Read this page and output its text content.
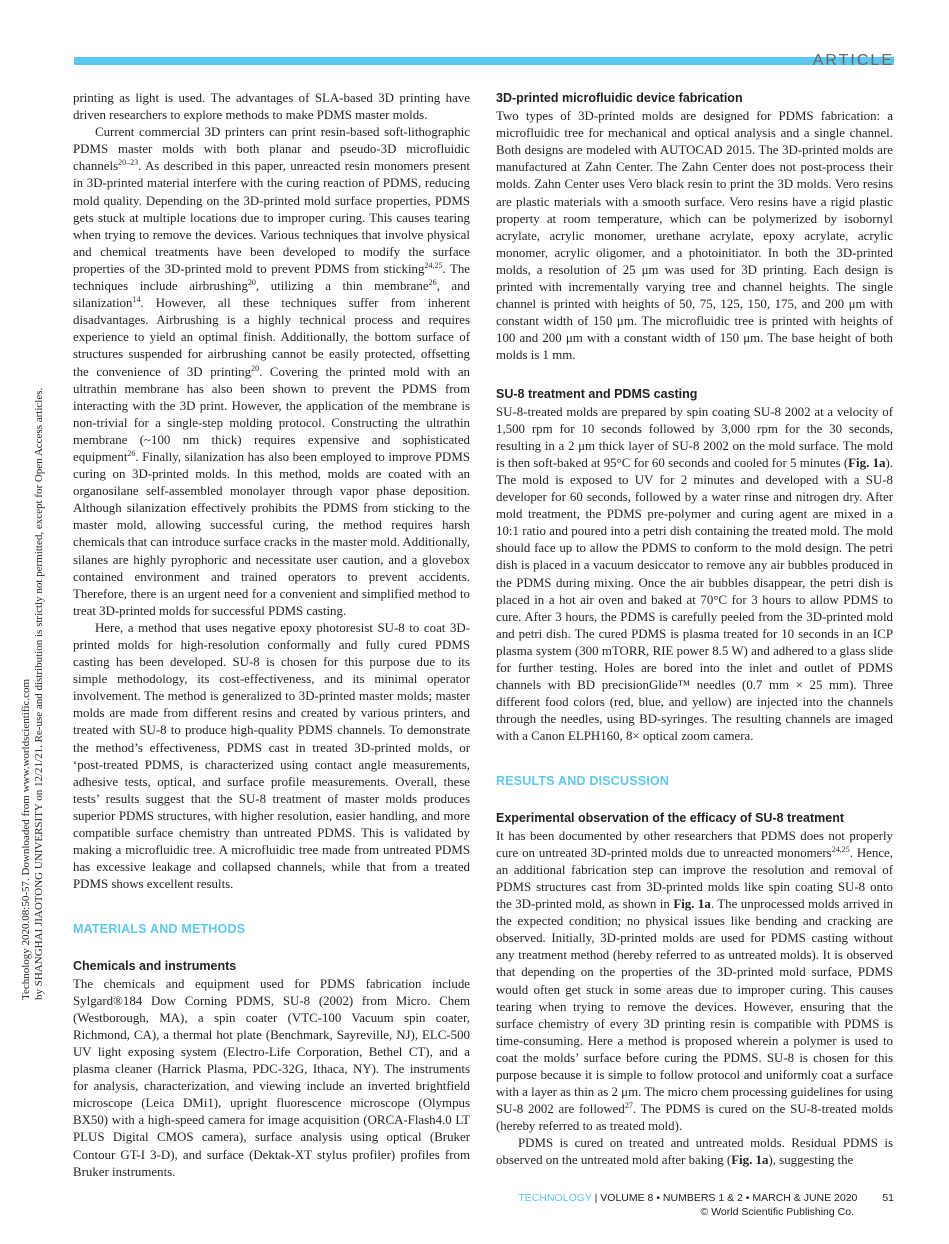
ARTICLE
Technology 2020.08:50-57. Downloaded from www.worldscientific.com by SHANGHAI JIAOTONG UNIVERSITY on 12/21/21. Re-use and distribution is strictly not permitted, except for Open Access articles.

printing as light is used. The advantages of SLA-based 3D printing have driven researchers to explore methods to make PDMS master molds.

Current commercial 3D printers can print resin-based soft-lithographic PDMS master molds with both planar and pseudo-3D microfluidic channels$^{20-23}$. As described in this paper, unreacted resin monomers present in 3D-printed material interfere with the curing reaction of PDMS, reducing mold quality. Depending on the 3D-printed mold surface properties, PDMS gets stuck at multiple locations due to improper curing. This causes tearing when trying to remove the devices. Various techniques that involve physical and chemical treatments have been developed to modify the surface properties of the 3D-printed mold to prevent PDMS from sticking$^{24,25}$. The techniques include airbrushing$^{20}$, utilizing a thin membrane$^{26}$, and silanization$^{14}$. However, all these techniques suffer from inherent disadvantages. Airbrushing is a highly technical process and requires experience to yield an optimal finish. Additionally, the bottom surface of structures suspended for airbrushing cannot be easily protected, offsetting the convenience of 3D printing$^{20}$. Covering the printed mold with an ultrathin membrane has also been shown to prevent the PDMS from interacting with the 3D print. However, the application of the membrane is non-trivial for a single-step molding protocol. Constructing the ultrathin membrane (~100 nm thick) requires expensive and sophisticated equipment$^{26}$. Finally, silanization has also been employed to improve PDMS curing on 3D-printed molds. In this method, molds are coated with an organosilane self-assembled monolayer through vapor phase deposition. Although silanization effectively prohibits the PDMS from sticking to the master mold, allowing successful curing, the method requires harsh chemicals that can introduce surface cracks in the master mold. Additionally, silanes are highly pyrophoric and necessitate user caution, and a glovebox contained environment and trained operators to prevent accidents. Therefore, there is an urgent need for a convenient and simplified method to treat 3D-printed molds for successful PDMS casting.

Here, a method that uses negative epoxy photoresist SU-8 to coat 3D-printed molds for high-resolution conformally and fully cured PDMS casting has been developed. SU-8 is chosen for this purpose due to its simple methodology, its cost-effectiveness, and its minimal operator involvement. The method is generalized to 3D-printed master molds; master molds are made from different resins and created by various printers, and treated with SU-8 to produce high-quality PDMS channels. To demonstrate the method’s effectiveness, PDMS cast in treated 3D-printed molds, or ‘post-treated PDMS, is characterized using contact angle measurements, adhesive tests, optical, and surface profile measurements. Overall, these tests’ results suggest that the SU-8 treatment of master molds produces superior PDMS structures, with higher resolution, easier handling, and more compatible surface chemistry than untreated PDMS. This is validated by making a microfluidic tree. A microfluidic tree made from untreated PDMS has excessive leakage and collapsed channels, while that from a treated PDMS shows excellent results.

MATERIALS AND METHODS
Chemicals and instruments

The chemicals and equipment used for PDMS fabrication include Sylgard®184 Dow Corning PDMS, SU-8 (2002) from Micro. Chem (Westborough, MA), a spin coater (VTC-100 Vacuum spin coater, Richmond, CA), a thermal hot plate (Benchmark, Sayreville, NJ), ELC-500 UV light exposing system (Electro-Life Corporation, Bethel CT), and a plasma cleaner (Harrick Plasma, PDC-32G, Ithaca, NY). The instruments for analysis, characterization, and viewing include an inverted brightfield microscope (Leica DMi1), upright fluorescence microscope (Olympus BX50) with a high-speed camera for image acquisition (ORCA-Flash4.0 LT PLUS Digital CMOS camera), surface analysis using optical (Bruker Contour GT-I 3-D), and surface (Dektak-XT stylus profiler) profiles from Bruker instruments.

3D-printed microfluidic device fabrication

Two types of 3D-printed molds are designed for PDMS fabrication: a microfluidic tree for mechanical and optical analysis and a single channel. Both designs are modeled with AUTOCAD 2015. The 3D-printed molds are manufactured at Zahn Center. The Zahn Center does not post-process their molds. Zahn Center uses Vero black resin to print the 3D molds. Vero resins are plastic materials with a smooth surface. Vero resins have a rigid plastic property at room temperature, which can be polymerized by isobornyl acrylate, acrylic monomer, urethane acrylate, epoxy acrylate, acrylic monomer, acrylic oligomer, and a photoinitiator. In both the 3D-printed molds, a resolution of 25 μm was used for 3D printing. Each design is printed with incrementally varying tree and channel heights. The single channel is printed with heights of 50, 75, 125, 150, 175, and 200 μm with constant width of 150 μm. The microfluidic tree is printed with heights of 100 and 200 μm with a constant width of 150 μm. The base height of both molds is 1 mm.

SU-8 treatment and PDMS casting

SU-8-treated molds are prepared by spin coating SU-8 2002 at a velocity of 1,500 rpm for 10 seconds followed by 3,000 rpm for the 30 seconds, resulting in a 2 μm thick layer of SU-8 2002 on the mold surface. The mold is then soft-baked at 95°C for 60 seconds and cooled for 5 minutes (Fig. 1a). The mold is exposed to UV for 2 minutes and developed with a SU-8 developer for 60 seconds, followed by a water rinse and nitrogen dry. After mold treatment, the PDMS pre-polymer and curing agent are mixed in a 10:1 ratio and poured into a petri dish containing the treated mold. The mold should face up to allow the PDMS to conform to the mold design. The petri dish is placed in a vacuum desiccator to remove any air bubbles produced in the PDMS during mixing. Once the air bubbles disappear, the petri dish is placed in a hot air oven and baked at 70°C for 3 hours to allow PDMS to cure. After 3 hours, the PDMS is carefully peeled from the 3D-printed mold and petri dish. The cured PDMS is plasma treated for 10 seconds in an ICP plasma system (300 mTORR, RIE power 8.5 W) and adhered to a glass slide for further testing. Holes are bored into the inlet and outlet of PDMS channels with BD precisionGlide™ needles (0.7 mm × 25 mm). Three different food colors (red, blue, and yellow) are injected into the channels through the needles, using BD-syringes. The resulting channels are imaged with a Canon ELPH160, 8× optical zoom camera.

RESULTS AND DISCUSSION
Experimental observation of the efficacy of SU-8 treatment

It has been documented by other researchers that PDMS does not properly cure on untreated 3D-printed molds due to unreacted monomers$^{24,25}$. Hence, an additional fabrication step can improve the resolution and removal of PDMS structures cast from 3D-printed molds like spin coating SU-8 onto the 3D-printed mold, as shown in Fig. 1a. The unprocessed molds arrived in the expected condition; no physical issues like bending and cracking are observed. Initially, 3D-printed molds are used for PDMS casting without any treatment method (hereby referred to as untreated molds). It is observed that depending on the properties of the 3D-printed mold surface, PDMS would often get stuck in some areas due to improper curing. This causes tearing when trying to remove the devices. However, ensuring that the surface chemistry of every 3D printing resin is compatible with PDMS is time-consuming. Here a method is proposed wherein a polymer is used to coat the molds’ surface before curing the PDMS. SU-8 is chosen for this purpose because it is simple to follow protocol and uniformly coat a surface with a layer as thin as 2 μm. The micro chem processing guidelines for using SU-8 2002 are followed$^{27}$. The PDMS is cured on the SU-8-treated molds (hereby referred to as treated mold).

PDMS is cured on treated and untreated molds. Residual PDMS is observed on the untreated mold after baking (Fig. 1a), suggesting the

TECHNOLOGY | VOLUME 8 • NUMBERS 1 & 2 • MARCH & JUNE 2020 51
© World Scientific Publishing Co.
